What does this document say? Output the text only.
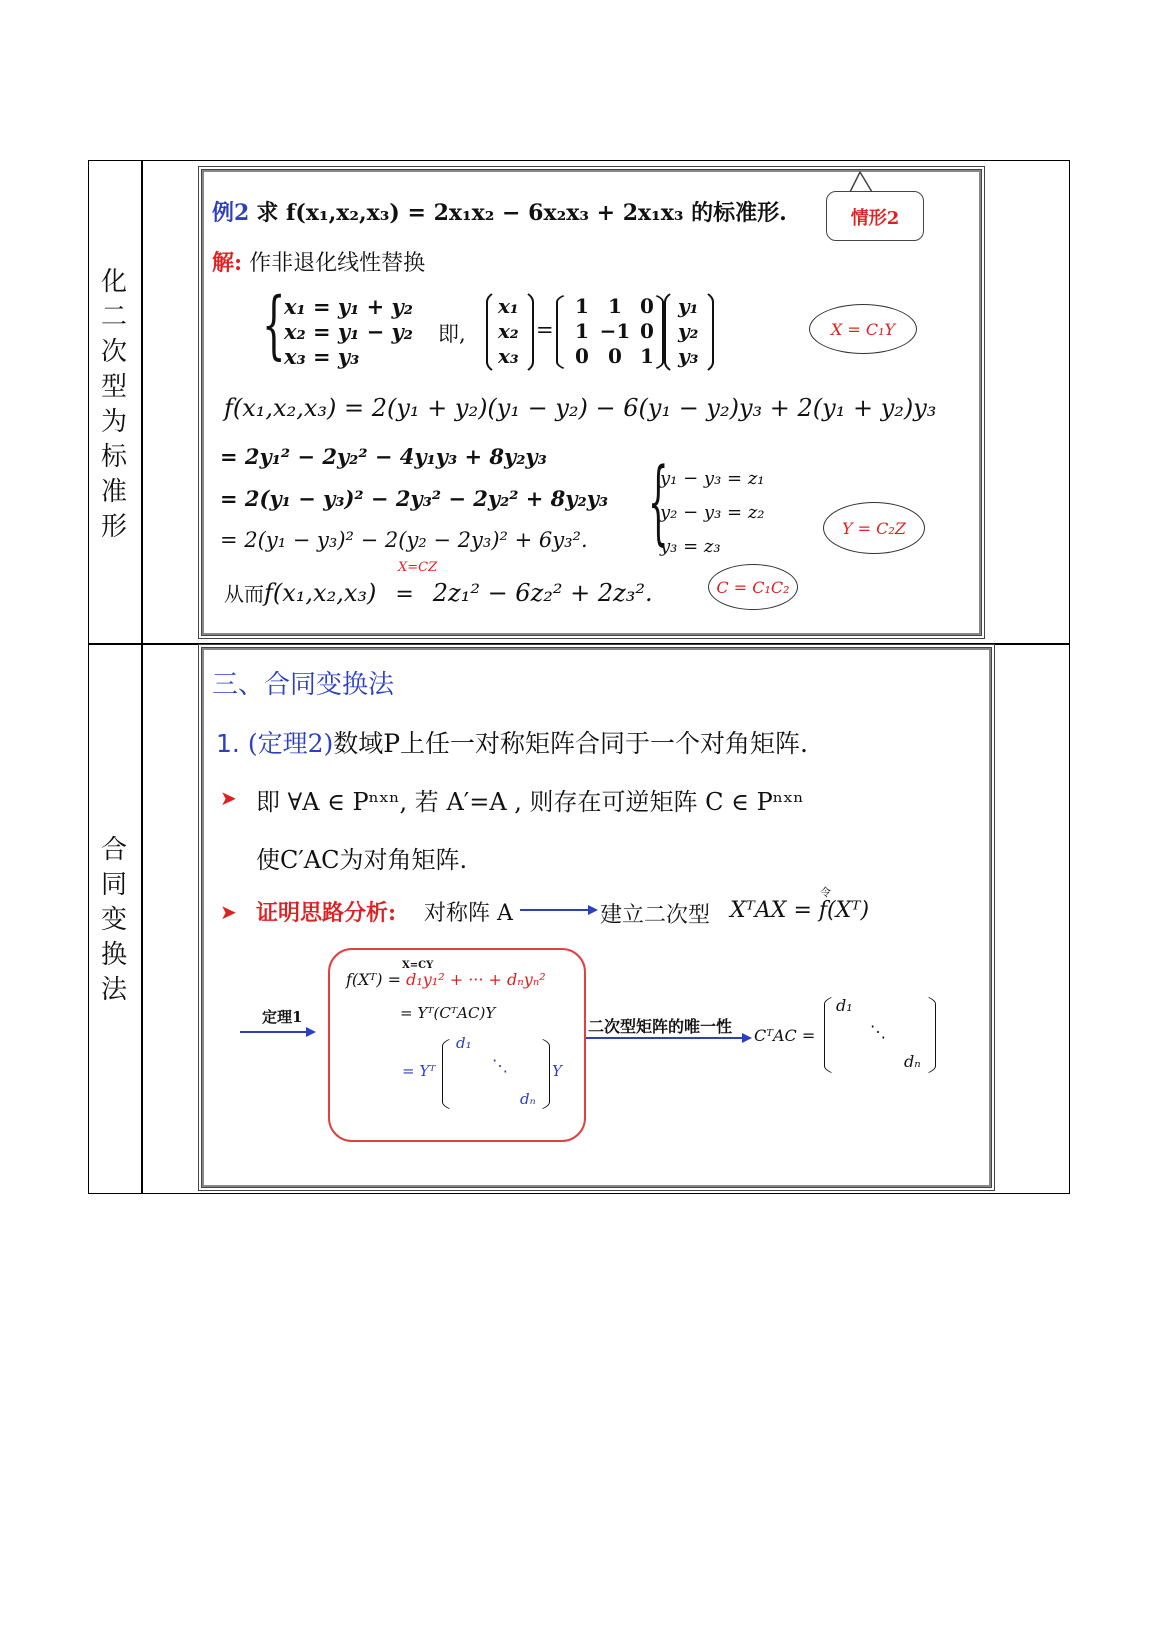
化二次型为标准形
合同变换法
例2 求 f(x₁,x₂,x₃) = 2x₁x₂ − 6x₂x₃ + 2x₁x₃ 的标准形.	情形2
解: 作非退化线性替换
{
x₁ = y₁ + y₂
x₂ = y₁ − y₂
x₃ = y₃
即,
x₁
x₂
x₃
=
1 1 0
1 −1 0
0 0 1
y₁
y₂
y₃
X = C₁Y
f(x₁,x₂,x₃) = 2(y₁ + y₂)(y₁ − y₂) − 6(y₁ − y₂)y₃ + 2(y₁ + y₂)y₃
= 2y₁² − 2y₂² − 4y₁y₃ + 8y₂y₃
= 2(y₁ − y₃)² − 2y₃² − 2y₂² + 8y₂y₃
= 2(y₁ − y₃)² − 2(y₂ − 2y₃)² + 6y₃². {
y₁ − y₃ = z₁
y₂ − y₃ = z₂
y₃ = z₃
Y = C₂Z
X=CZ
从而f(x₁,x₂,x₃) = 2z₁² − 6z₂² + 2z₃².	C = C₁C₂
三、合同变换法
1. (定理2)数域P上任一对称矩阵合同于一个对角矩阵.
➤ 即 ∀A ∈ Pⁿˣⁿ, 若 A′=A , 则存在可逆矩阵 C ∈ Pⁿˣⁿ
使C′AC为对角矩阵.
➤ 证明思路分析: 对称阵 A	建立二次型
令
XᵀAX = f(Xᵀ)
定理1
X=CY
f(Xᵀ) = d₁y₁² + ··· + dₙyₙ²
= Yᵀ(CᵀAC)Y
= Yᵀ
d₁
⋱
dₙ
Y
二次型矩阵的唯一性 CᵀAC =
d₁
⋱
dₙ
